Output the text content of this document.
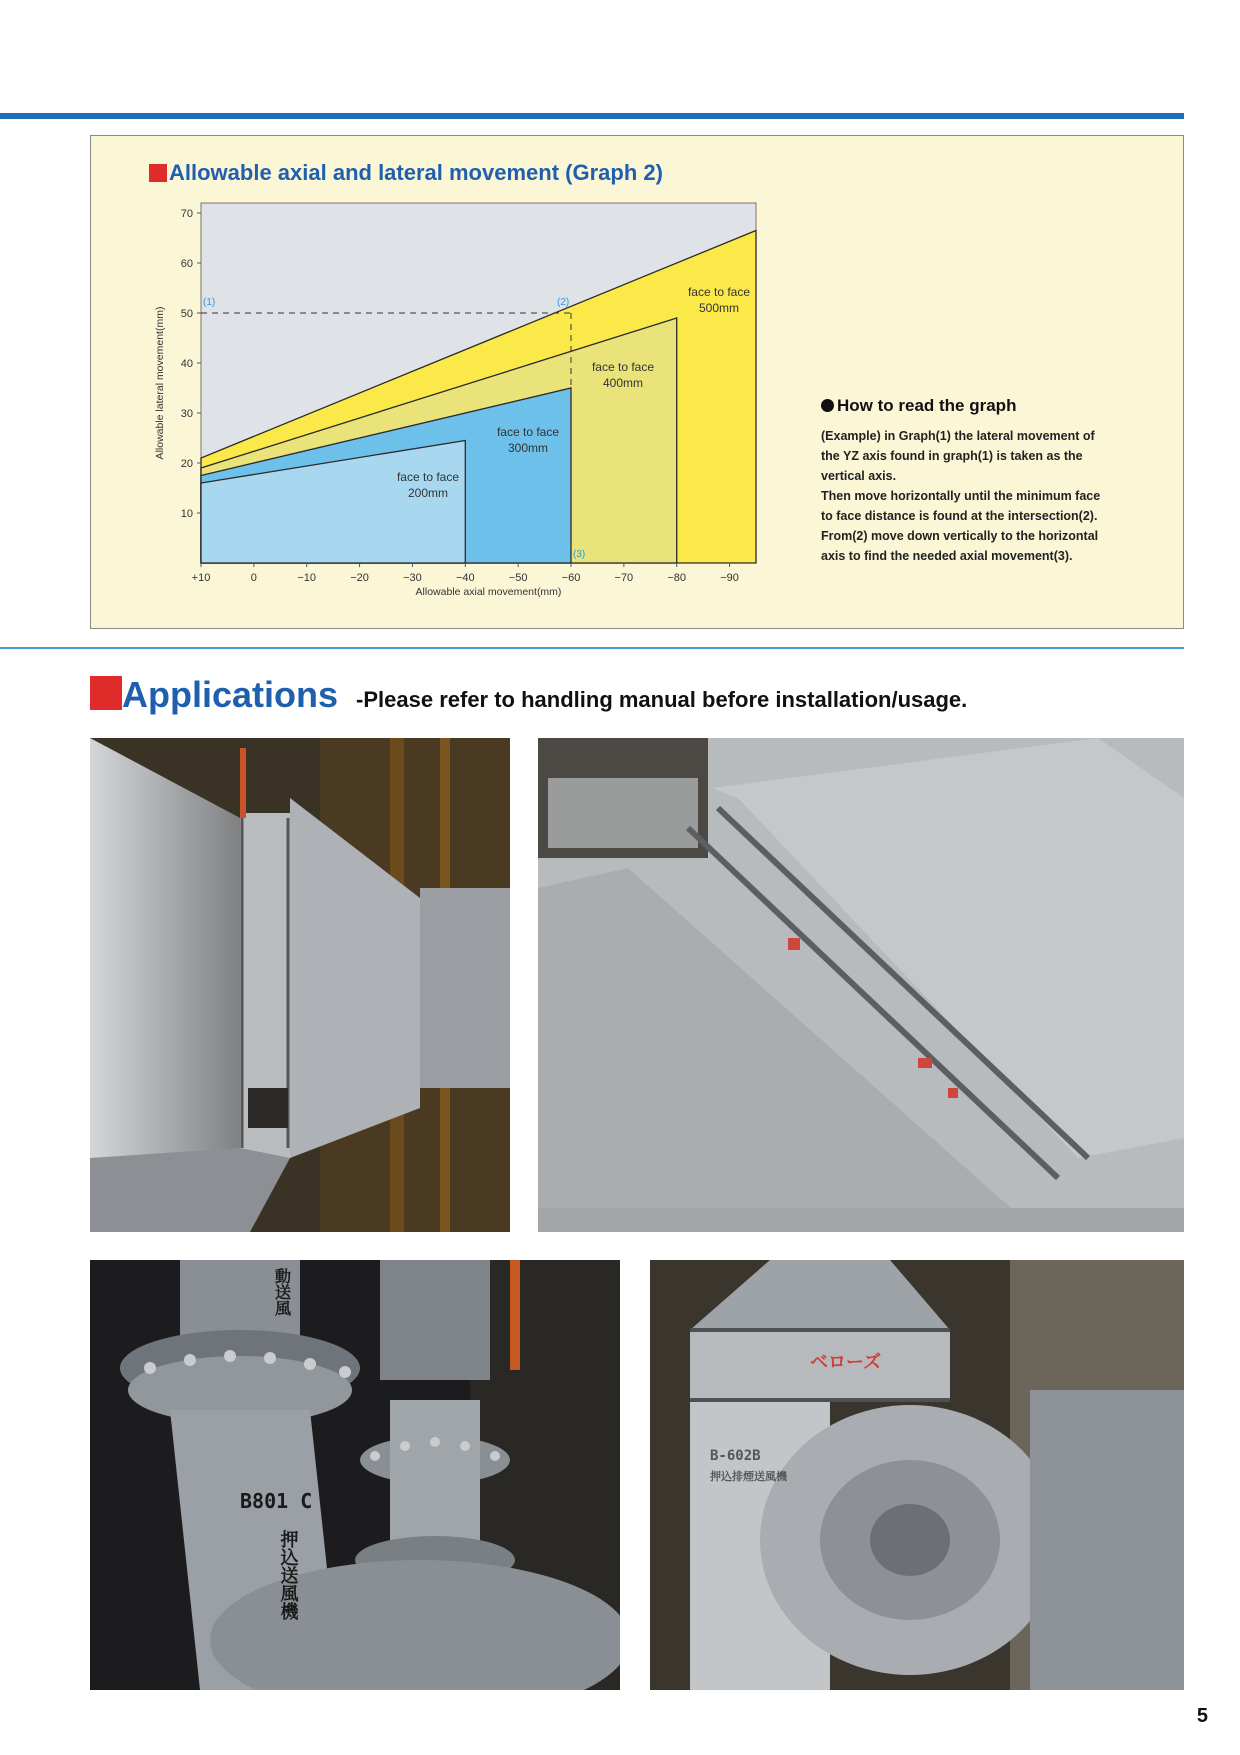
Allowable axial and lateral movement (Graph 2)
10
20
30
40
50
60
70
+10	0	−10	−20	−30	−40	−50	−60	−70	−80	−90
Allowable axial movement(mm)
Allowable lateral movement(mm)
(1)	(2)
(3)
face to face
500mm
face to face
400mm
face to face
300mm
face to face
200mm
How to read the graph
(Example) in Graph(1) the lateral movement of
the YZ axis found in graph(1) is taken as the
vertical axis.
Then move horizontally until the minimum face
to face distance is found at the intersection(2).
From(2) move down vertically to the horizontal
axis to find the needed axial movement(3).
Applications -Please refer to handling manual before installation/usage.
B801 C
押込送風機
動送風
ベローズ
B-602B
押込排煙送風機
5
